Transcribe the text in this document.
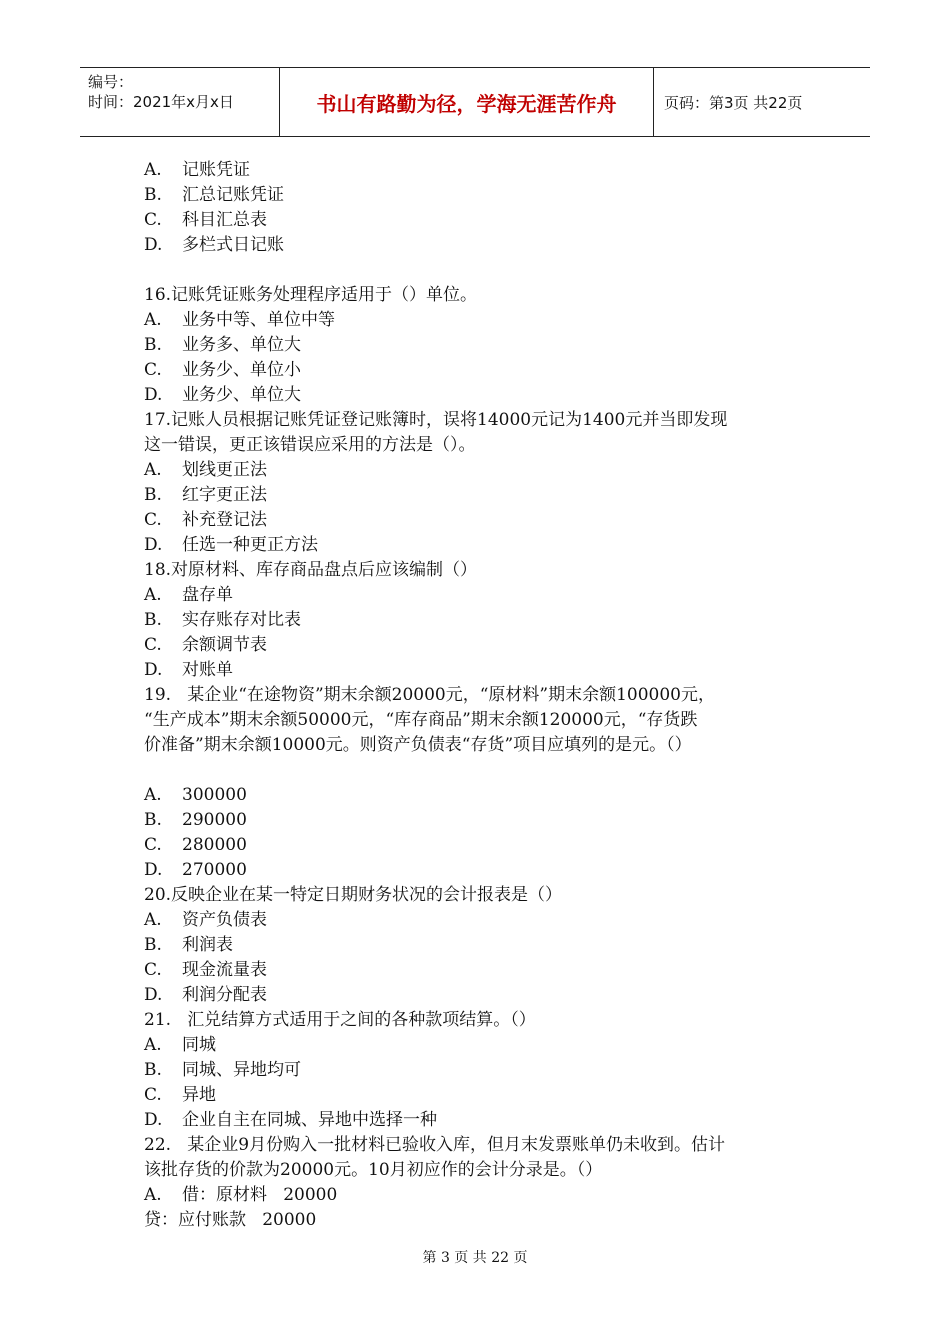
编号：
时间：2021年x月x日	书山有路勤为径，学海无涯苦作舟	页码：第3页 共22页
A. 记账凭证
B. 汇总记账凭证
C. 科目汇总表
D. 多栏式日记账
16.记账凭证账务处理程序适用于（）单位。
A. 业务中等、单位中等
B. 业务多、单位大
C. 业务少、单位小
D. 业务少、单位大
17.记账人员根据记账凭证登记账簿时，误将14000元记为1400元并当即发现
这一错误，更正该错误应采用的方法是（）。
A. 划线更正法
B. 红字更正法
C. 补充登记法
D. 任选一种更正方法
18.对原材料、库存商品盘点后应该编制（）
A. 盘存单
B. 实存账存对比表
C. 余额调节表
D. 对账单
19.   某企业“在途物资”期末余额20000元，“原材料”期末余额100000元，
“生产成本”期末余额50000元，“库存商品”期末余额120000元，“存货跌
价准备”期末余额10000元。则资产负债表“存货”项目应填列的是元。（）
A. 300000
B. 290000
C. 280000
D. 270000
20.反映企业在某一特定日期财务状况的会计报表是（）
A. 资产负债表
B. 利润表
C. 现金流量表
D. 利润分配表
21.   汇兑结算方式适用于之间的各种款项结算。（）
A. 同城
B. 同城、异地均可
C. 异地
D. 企业自主在同城、异地中选择一种
22.   某企业9月份购入一批材料已验收入库，但月末发票账单仍未收到。估计
该批存货的价款为20000元。10月初应作的会计分录是。（）
A. 借：原材料   20000
贷：应付账款   20000
第 3 页 共 22 页
